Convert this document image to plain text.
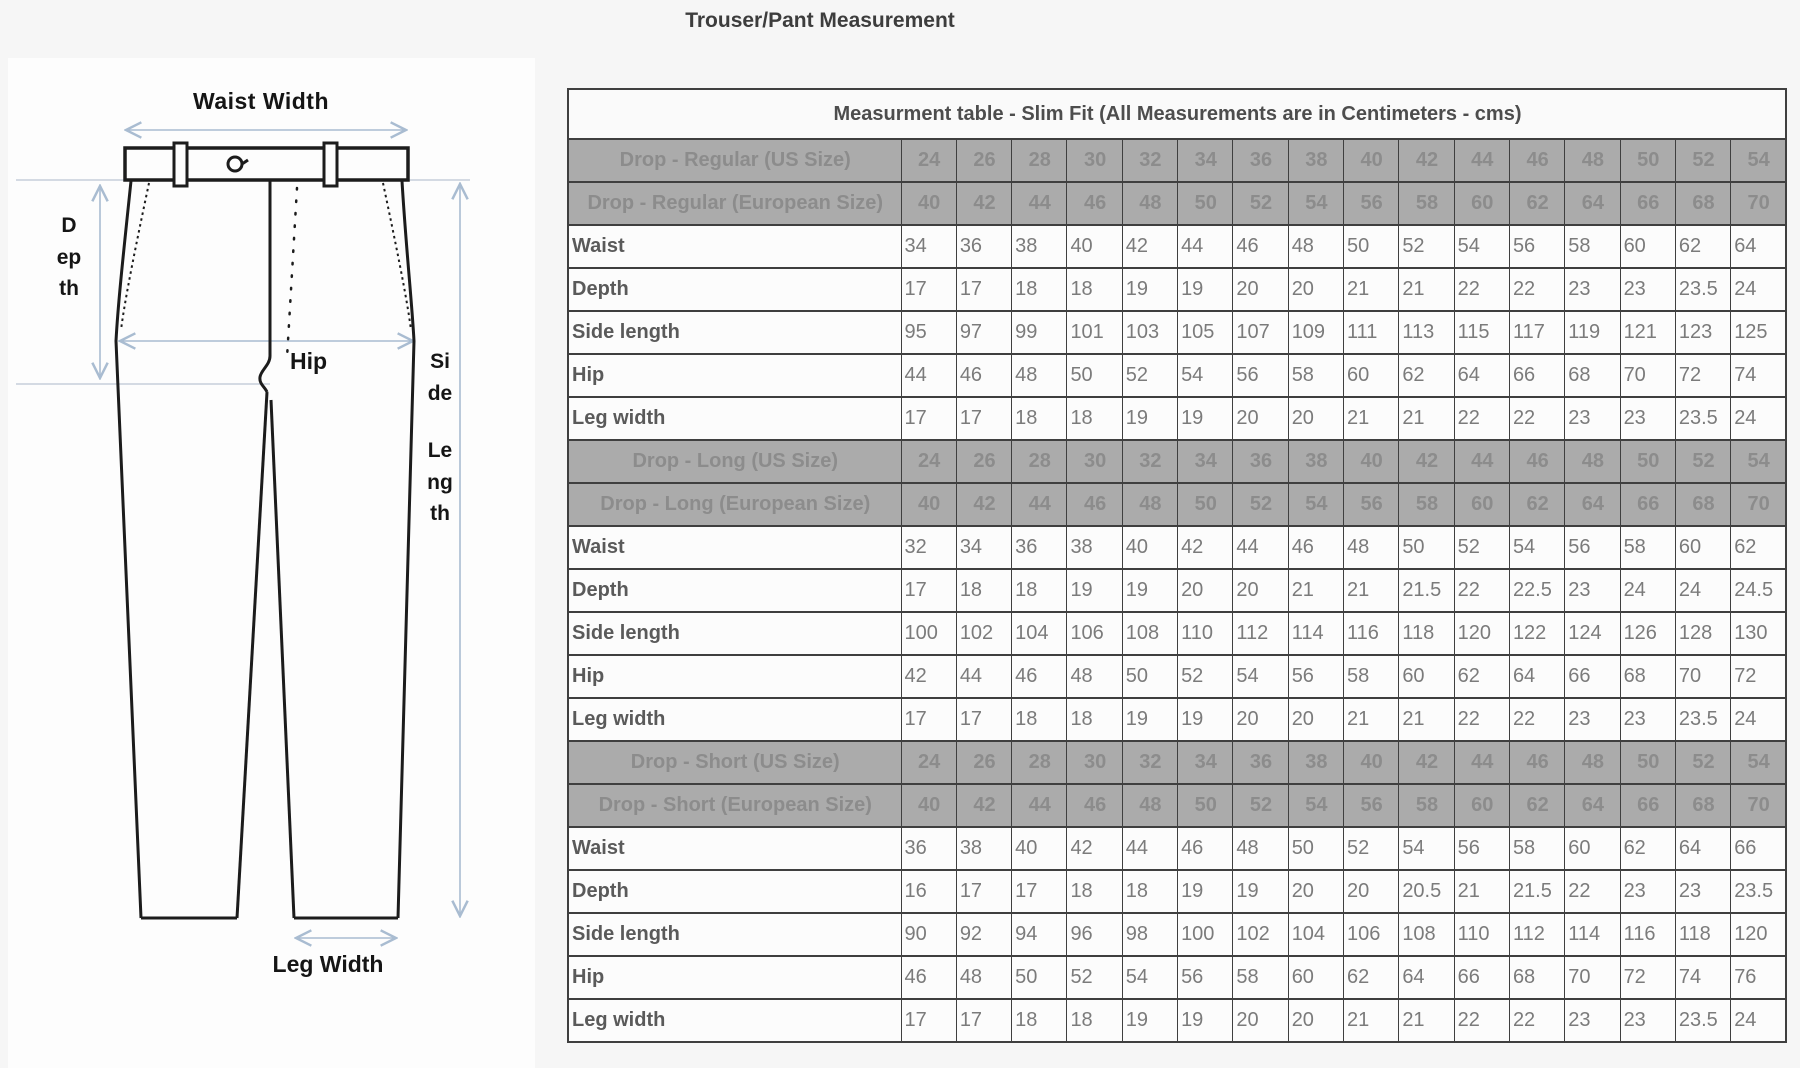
Trouser/Pant Measurement
Waist Width
Depth
Hip	Side
Length
Leg Width
Measurment table - Slim Fit (All Measurements are in Centimeters - cms)																
Drop - Regular (US Size)	24	26	28	30	32	34	36	38	40	42	44	46	48	50	52	54
Drop - Regular (European Size)	40	42	44	46	48	50	52	54	56	58	60	62	64	66	68	70
Waist	34	36	38	40	42	44	46	48	50	52	54	56	58	60	62	64
Depth	17	17	18	18	19	19	20	20	21	21	22	22	23	23	23.5	24
Side length	95	97	99	101	103	105	107	109	111	113	115	117	119	121	123	125
Hip	44	46	48	50	52	54	56	58	60	62	64	66	68	70	72	74
Leg width	17	17	18	18	19	19	20	20	21	21	22	22	23	23	23.5	24
Drop - Long (US Size)	24	26	28	30	32	34	36	38	40	42	44	46	48	50	52	54
Drop - Long (European Size)	40	42	44	46	48	50	52	54	56	58	60	62	64	66	68	70
Waist	32	34	36	38	40	42	44	46	48	50	52	54	56	58	60	62
Depth	17	18	18	19	19	20	20	21	21	21.5	22	22.5	23	24	24	24.5
Side length	100	102	104	106	108	110	112	114	116	118	120	122	124	126	128	130
Hip	42	44	46	48	50	52	54	56	58	60	62	64	66	68	70	72
Leg width	17	17	18	18	19	19	20	20	21	21	22	22	23	23	23.5	24
Drop - Short (US Size)	24	26	28	30	32	34	36	38	40	42	44	46	48	50	52	54
Drop - Short (European Size)	40	42	44	46	48	50	52	54	56	58	60	62	64	66	68	70
Waist	36	38	40	42	44	46	48	50	52	54	56	58	60	62	64	66
Depth	16	17	17	18	18	19	19	20	20	20.5	21	21.5	22	23	23	23.5
Side length	90	92	94	96	98	100	102	104	106	108	110	112	114	116	118	120
Hip	46	48	50	52	54	56	58	60	62	64	66	68	70	72	74	76
Leg width	17	17	18	18	19	19	20	20	21	21	22	22	23	23	23.5	24
